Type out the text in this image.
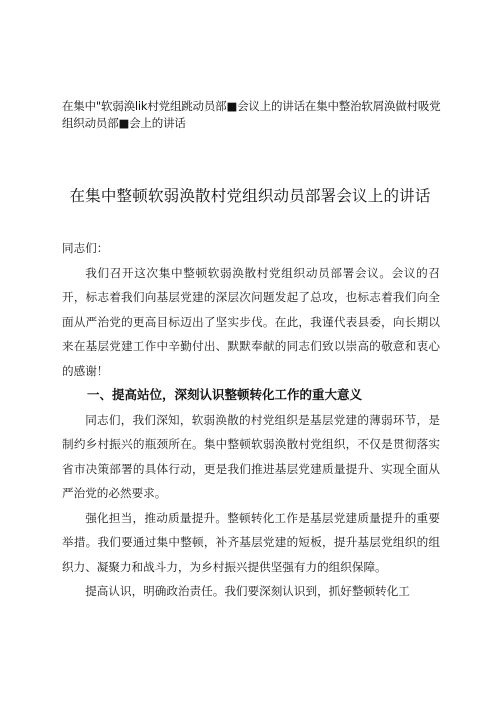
在集中"软弱涣lik村党组跳动员部■会议上的讲话在集中整治软屑涣做村吸党组织动员部■会上的讲话
在集中整顿软弱涣散村党组织动员部署会议上的讲话

同志们：

我们召开这次集中整顿软弱涣散村党组织动员部署会议。会议的召开，标志着我们向基层党建的深层次问题发起了总攻，也标志着我们向全面从严治党的更高目标迈出了坚实步伐。在此，我谨代表县委，向长期以来在基层党建工作中辛勤付出、默默奉献的同志们致以崇高的敬意和衷心的感谢！

一、提高站位，深刻认识整顿转化工作的重大意义

同志们，我们深知，软弱涣散的村党组织是基层党建的薄弱环节，是制约乡村振兴的瓶颈所在。集中整顿软弱涣散村党组织，不仅是贯彻落实省市决策部署的具体行动，更是我们推进基层党建质量提升、实现全面从严治党的必然要求。

强化担当，推动质量提升。整顿转化工作是基层党建质量提升的重要举措。我们要通过集中整顿，补齐基层党建的短板，提升基层党组织的组织力、凝聚力和战斗力，为乡村振兴提供坚强有力的组织保障。

提高认识，明确政治责任。我们要深刻认识到，抓好整顿转化工
